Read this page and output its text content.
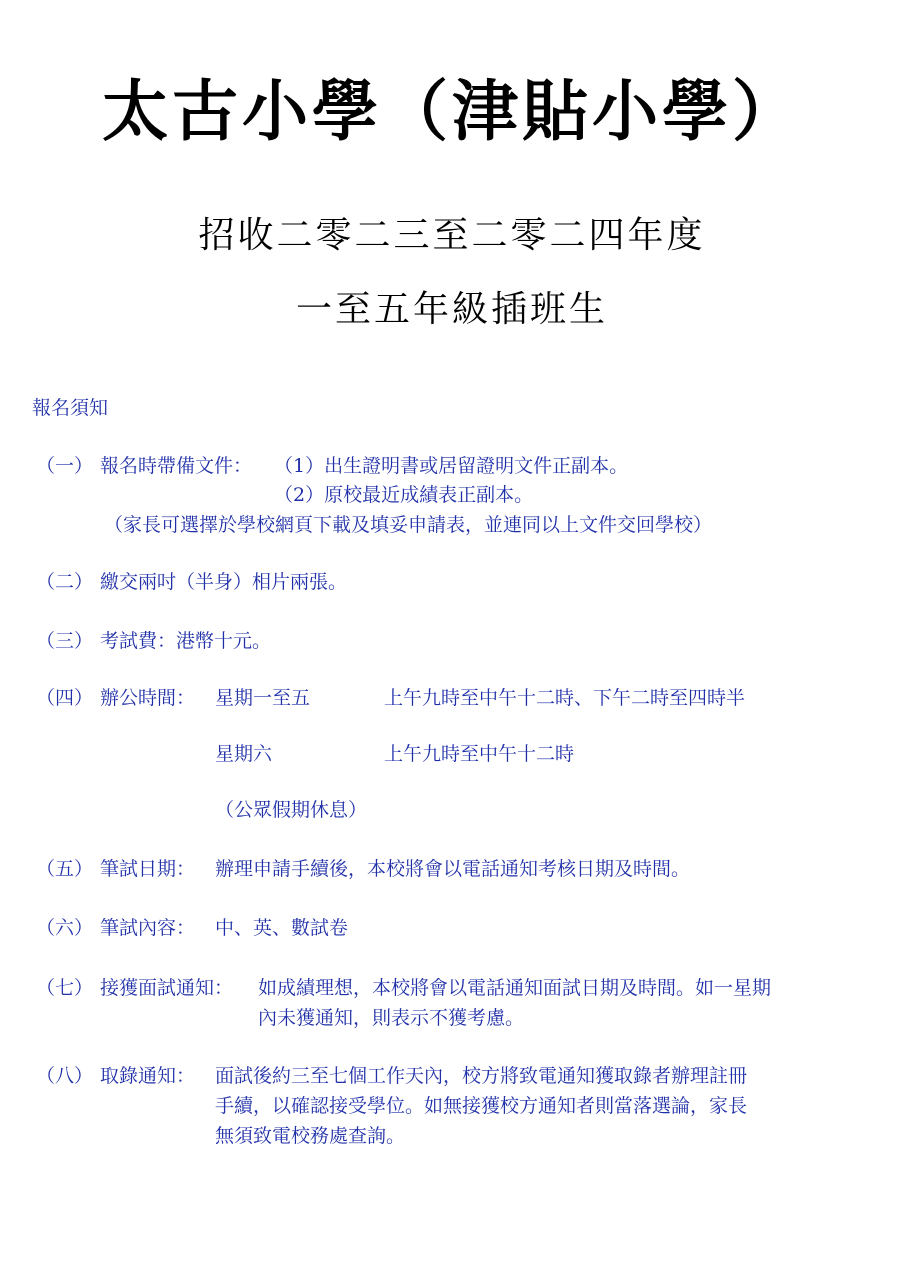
太古小學（津貼小學）
招收二零二三至二零二四年度
一至五年級插班生
報名須知
（一） 報名時帶備文件： （1）出生證明書或居留證明文件正副本。
（2）原校最近成績表正副本。
（家長可選擇於學校網頁下載及填妥申請表，並連同以上文件交回學校）
（二） 繳交兩吋（半身）相片兩張。
（三） 考試費：港幣十元。
（四） 辦公時間： 星期一至五	上午九時至中午十二時、下午二時至四時半
星期六	上午九時至中午十二時
（公眾假期休息）
（五） 筆試日期： 辦理申請手續後，本校將會以電話通知考核日期及時間。
（六） 筆試內容： 中、英、數試卷
（七） 接獲面試通知： 如成績理想，本校將會以電話通知面試日期及時間。如一星期
內未獲通知，則表示不獲考慮。
（八） 取錄通知： 面試後約三至七個工作天內，校方將致電通知獲取錄者辦理註冊
手續，以確認接受學位。如無接獲校方通知者則當落選論，家長
無須致電校務處查詢。
